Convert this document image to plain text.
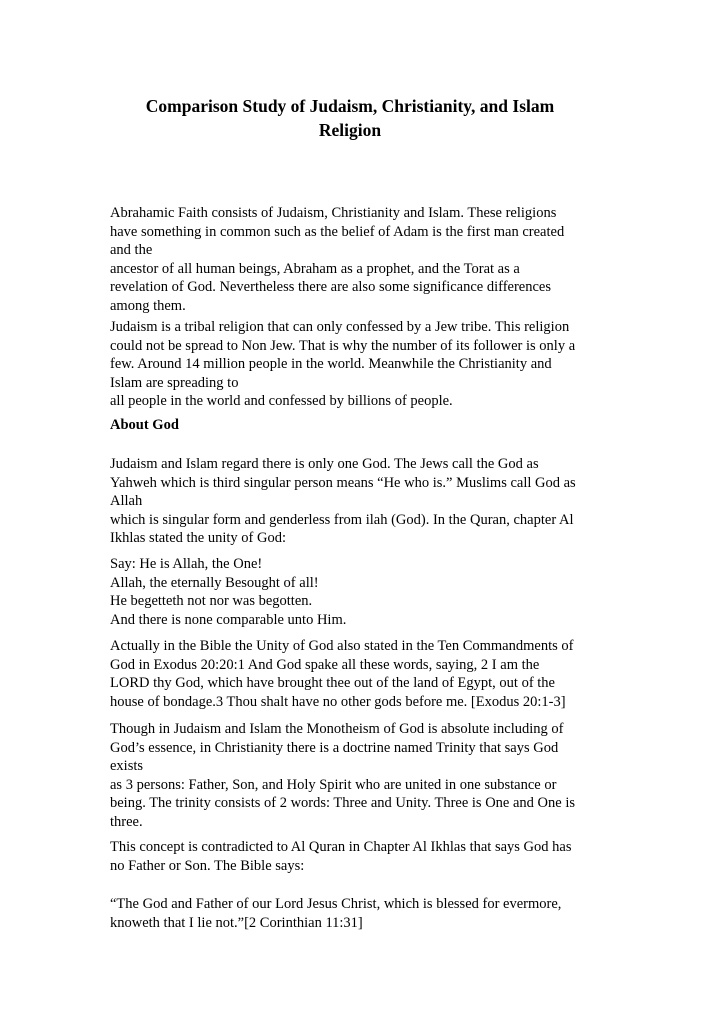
Comparison Study of Judaism, Christianity, and Islam
Religion
Abrahamic Faith consists of Judaism, Christianity and Islam. These religions
have something in common such as the belief of Adam is the first man created
and the
ancestor of all human beings, Abraham as a prophet, and the Torat as a
revelation of God. Nevertheless there are also some significance differences
among them.
Judaism is a tribal religion that can only confessed by a Jew tribe. This religion
could not be spread to Non Jew. That is why the number of its follower is only a
few. Around 14 million people in the world. Meanwhile the Christianity and
Islam are spreading to
all people in the world and confessed by billions of people.
About God
Judaism and Islam regard there is only one God. The Jews call the God as
Yahweh which is third singular person means “He who is.” Muslims call God as
Allah
which is singular form and genderless from ilah (God). In the Quran, chapter Al
Ikhlas stated the unity of God:
Say: He is Allah, the One!
Allah, the eternally Besought of all!
He begetteth not nor was begotten.
And there is none comparable unto Him.
Actually in the Bible the Unity of God also stated in the Ten Commandments of
God in Exodus 20:20:1 And God spake all these words, saying, 2 I am the
LORD thy God, which have brought thee out of the land of Egypt, out of the
house of bondage.3 Thou shalt have no other gods before me. [Exodus 20:1-3]
Though in Judaism and Islam the Monotheism of God is absolute including of
God’s essence, in Christianity there is a doctrine named Trinity that says God
exists
as 3 persons: Father, Son, and Holy Spirit who are united in one substance or
being. The trinity consists of 2 words: Three and Unity. Three is One and One is
three.
This concept is contradicted to Al Quran in Chapter Al Ikhlas that says God has
no Father or Son. The Bible says:
“The God and Father of our Lord Jesus Christ, which is blessed for evermore,
knoweth that I lie not.”[2 Corinthian 11:31]
